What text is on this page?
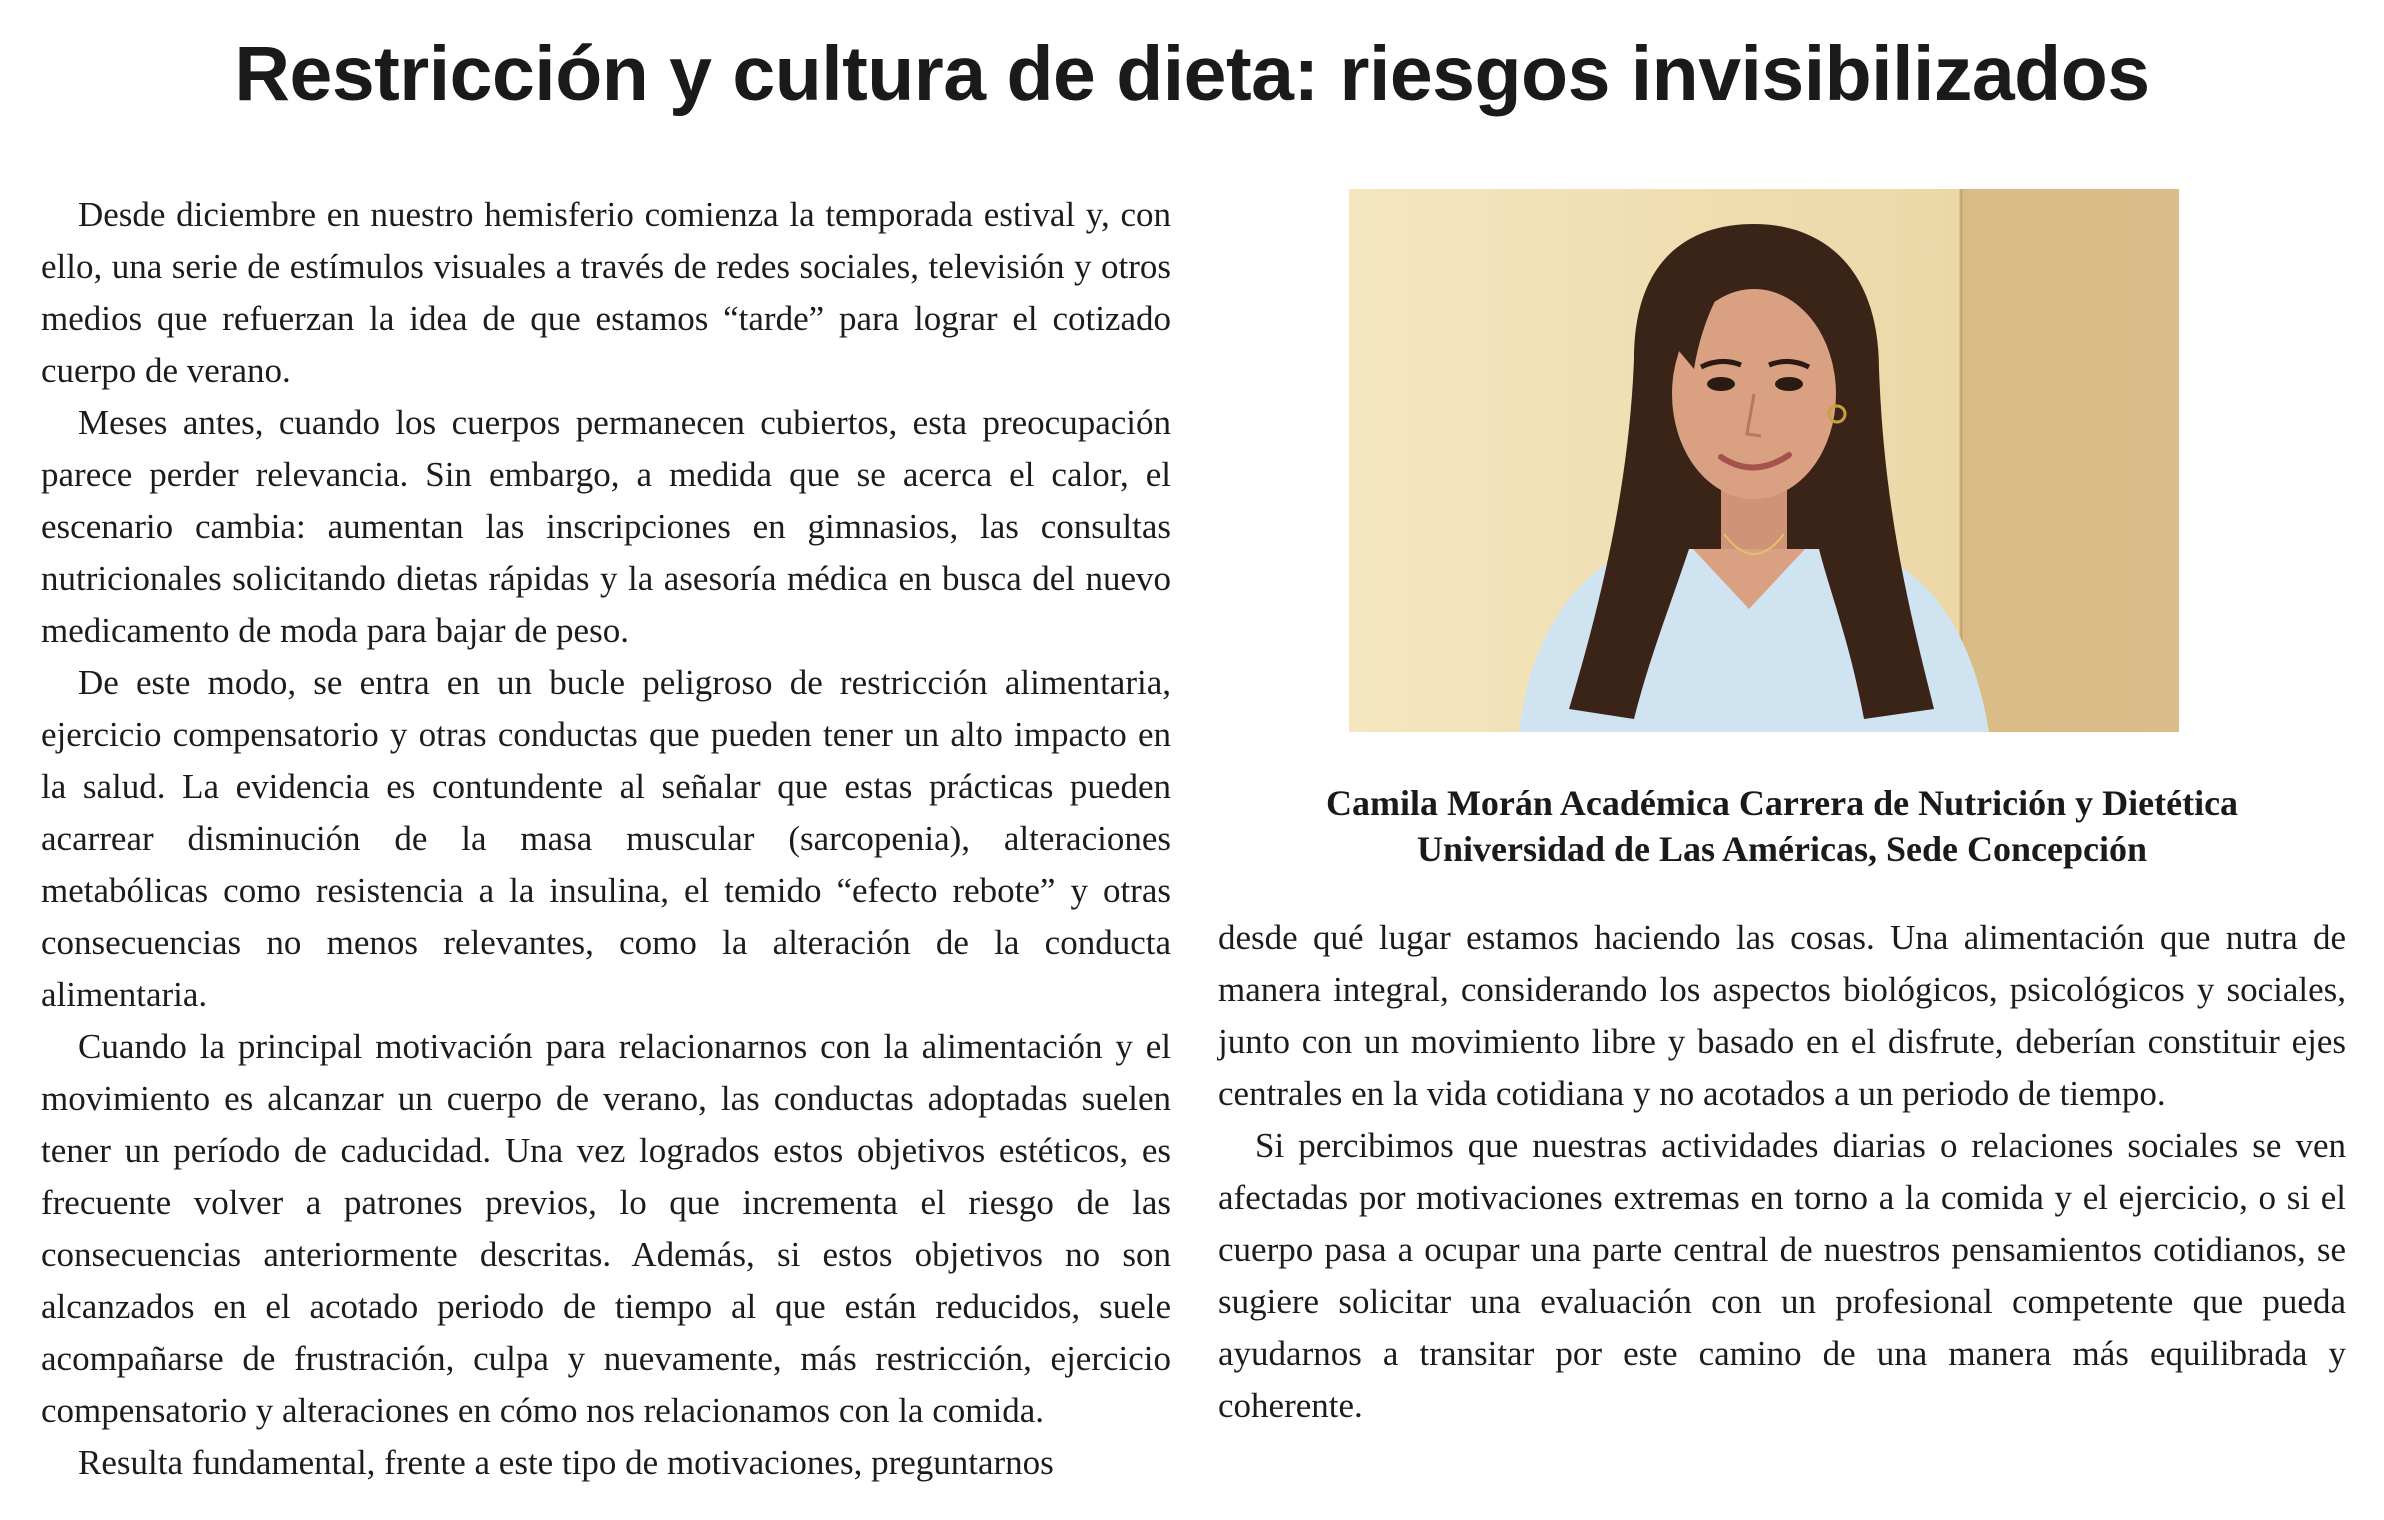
Restricción y cultura de dieta: riesgos invisibilizados

Desde diciembre en nuestro hemisferio comienza la temporada estival y, con ello, una serie de estímulos visuales a través de redes sociales, televisión y otros medios que refuerzan la idea de que estamos “tarde” para lograr el cotizado cuerpo de verano.

Meses antes, cuando los cuerpos permanecen cubiertos, esta preocupación parece perder relevancia. Sin embargo, a medida que se acerca el calor, el escenario cambia: aumentan las inscripciones en gimnasios, las consultas nutricionales solicitando dietas rápidas y la asesoría médica en busca del nuevo medicamento de moda para bajar de peso.

De este modo, se entra en un bucle peligroso de restricción alimentaria, ejercicio compensatorio y otras conductas que pueden tener un alto impacto en la salud. La evidencia es contundente al señalar que estas prácticas pueden acarrear disminución de la masa muscular (sarcopenia), alteraciones metabólicas como resistencia a la insulina, el temido “efecto rebote” y otras consecuencias no menos relevantes, como la alteración de la conducta alimentaria.

Cuando la principal motivación para relacionarnos con la alimentación y el movimiento es alcanzar un cuerpo de verano, las conductas adoptadas suelen tener un período de caducidad. Una vez logrados estos objetivos estéticos, es frecuente volver a patrones previos, lo que incrementa el riesgo de las consecuencias anteriormente descritas. Además, si estos objetivos no son alcanzados en el acotado periodo de tiempo al que están reducidos, suele acompañarse de frustración, culpa y nuevamente, más restricción, ejercicio compensatorio y alteraciones en cómo nos relacionamos con la comida.

Resulta fundamental, frente a este tipo de motivaciones, preguntarnos

Camila Morán Académica Carrera de Nutrición y Dietética
Universidad de Las Américas, Sede Concepción

desde qué lugar estamos haciendo las cosas. Una alimentación que nutra de manera integral, considerando los aspectos biológicos, psicológicos y sociales, junto con un movimiento libre y basado en el disfrute, deberían constituir ejes centrales en la vida cotidiana y no acotados a un periodo de tiempo.

Si percibimos que nuestras actividades diarias o relaciones sociales se ven afectadas por motivaciones extremas en torno a la comida y el ejercicio, o si el cuerpo pasa a ocupar una parte central de nuestros pensamientos cotidianos, se sugiere solicitar una evaluación con un profesional competente que pueda ayudarnos a transitar por este camino de una manera más equilibrada y coherente.
